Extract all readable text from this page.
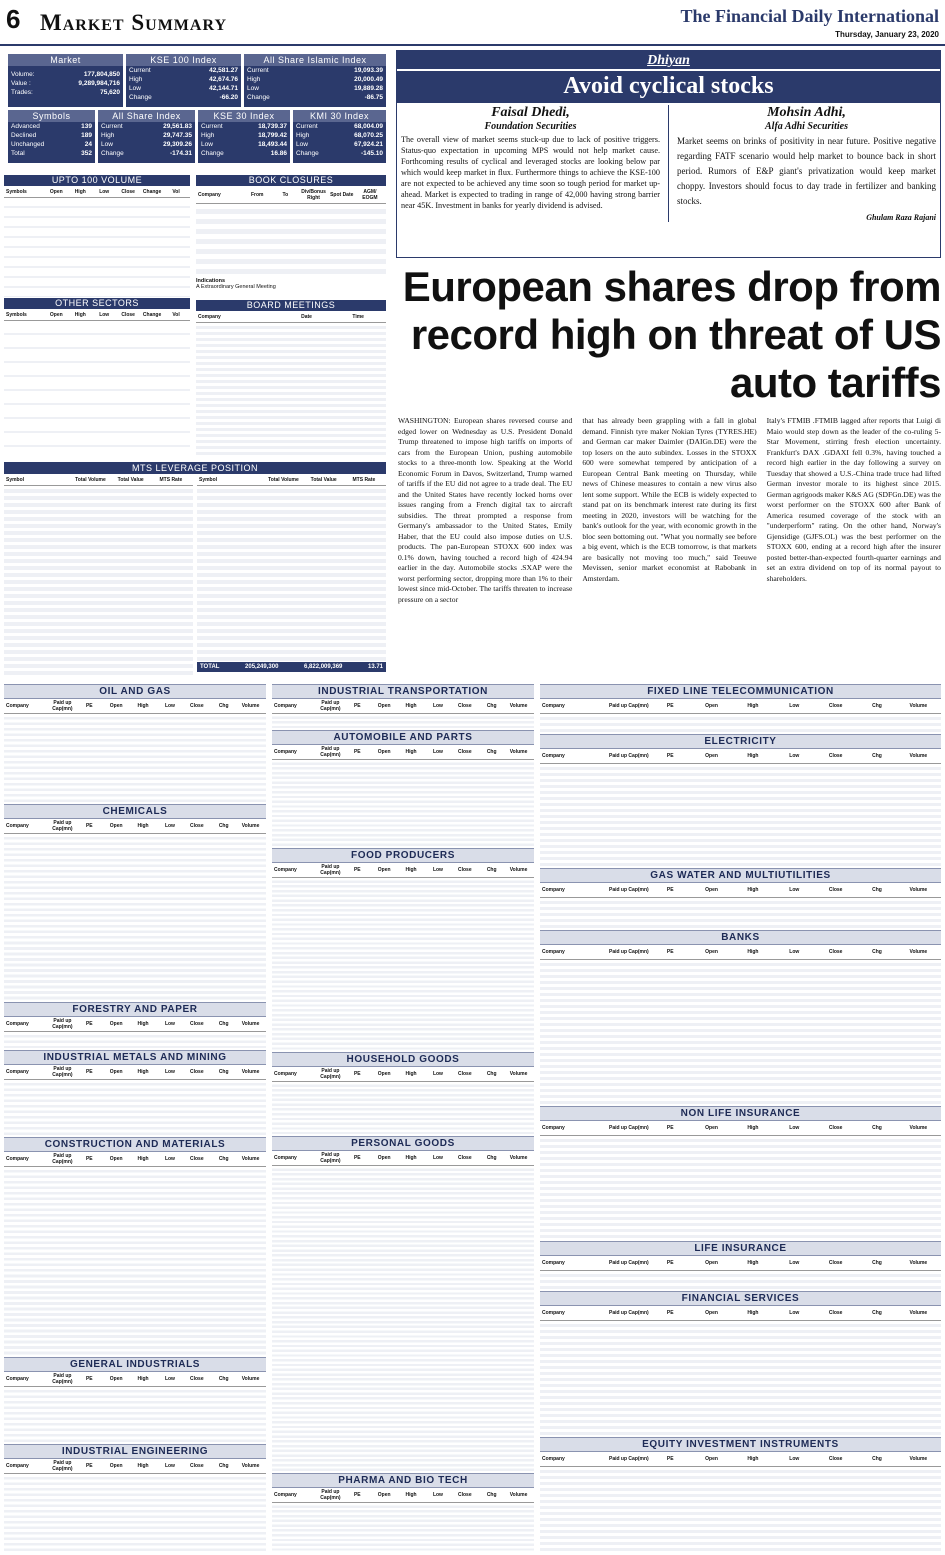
6 Market Summary	The Financial Daily International
Thursday, January 23, 2020
Market
Volume:	177,804,850
Value :	9,289,984,716
Trades:	75,620
KSE 100 Index
Current	42,581.27
High	42,674.76
Low	42,144.71
Change	-66.20
All Share Islamic Index
Current	19,093.39
High	20,000.49
Low	19,889.28
Change	-86.75
Symbols
Advanced	139
Declined	189
Unchanged	24
Total	352
All Share Index
Current	29,561.83
High	29,747.35
Low	29,309.26
Change	-174.31
KSE 30 Index
Current	18,739.37
High	18,799.42
Low	18,493.44
Change	16.86
KMI 30 Index
Current	68,004.09
High	68,070.25
Low	67,924.21
Change	-145.10
UPTO 100 VOLUME
Symbols	Open	High	Low	Close	Change	Vol
OTHER SECTORS
Symbols	Open	High	Low	Close	Change	Vol
BOOK CLOSURES
Company	From	To	Div/Bonus Right	Spot Date	AGM/ EOGM
Indications
A Extraordinary General Meeting
BOARD MEETINGS
Company	Date	Time
MTS LEVERAGE POSITION
Symbol	Total Volume	Total Value	MTS Rate	Symbol	Total Volume	Total Value	MTS Rate
TOTAL	205,249,300	6,822,009,369	13.71
Dhiyan
Avoid cyclical stocks
Faisal Dhedi,
Foundation Securities
The overall view of market seems stuck-up due to lack of positive triggers. Status-quo expectation in upcoming MPS would not help market cause. Forthcoming results of cyclical and leveraged stocks are looking below par which would keep market in flux. Furthermore things to achieve the KSE-100 are not expected to be achieved any time soon so tough period for market up-ahead. Market is expected to trading in range of 42,000 having strong barrier near 45K. Investment in banks for yearly dividend is advised.
Mohsin Adhi,
Alfa Adhi Securities
Market seems on brinks of positivity in near future. Positive negative regarding FATF scenario would help market to bounce back in short period. Rumors of E&P giant's privatization would keep market choppy. Investors should focus to day trade in fertilizer and banking stocks.
Ghulam Raza Rajani
European shares drop from record high on threat of US auto tariffs
WASHINGTON: European shares reversed course and edged lower on Wednesday as U.S. President Donald Trump threatened to impose high tariffs on imports of cars from the European Union, pushing automobile stocks to a three-month low. Speaking at the World Economic Forum in Davos, Switzerland, Trump warned of tariffs if the EU did not agree to a trade deal. The EU and the United States have recently locked horns over issues ranging from a French digital tax to aircraft subsidies. The threat prompted a response from Germany's ambassador to the United States, Emily Haber, that the EU could also impose duties on U.S. products. The pan-European STOXX 600 index was 0.1% down, having touched a record high of 424.94 earlier in the day. Automobile stocks .SXAP were the worst performing sector, dropping more than 1% to their lowest since mid-October. The tariffs threaten to increase pressure on a sector
that has already been grappling with a fall in global demand. Finnish tyre maker Nokian Tyres (TYRES.HE) and German car maker Daimler (DAIGn.DE) were the top losers on the auto subindex. Losses in the STOXX 600 were somewhat tempered by anticipation of a European Central Bank meeting on Thursday, while news of Chinese measures to contain a new virus also lent some support. While the ECB is widely expected to stand pat on its benchmark interest rate during its first meeting in 2020, investors will be watching for the bank's outlook for the year, with economic growth in the bloc seen bottoming out. "What you normally see before a big event, which is the ECB tomorrow, is that markets are basically not moving too much," said Teeuwe Mevissen, senior market economist at Rabobank in Amsterdam.
Italy's FTMIB .FTMIB lagged after reports that Luigi di Maio would step down as the leader of the co-ruling 5-Star Movement, stirring fresh election uncertainty. Frankfurt's DAX .GDAXI fell 0.3%, having touched a record high earlier in the day following a survey on Tuesday that showed a U.S.-China trade truce had lifted German investor morale to its highest since 2015. German agrigoods maker K&S AG (SDFGn.DE) was the worst performer on the STOXX 600 after Bank of America resumed coverage of the stock with an "underperform" rating. On the other hand, Norway's Gjensidige (GJFS.OL) was the best performer on the STOXX 600, ending at a record high after the insurer posted better-than-expected fourth-quarter earnings and set an extra dividend on top of its normal payout to shareholders.
OIL AND GAS
Company	Paid up Cap(mn)	PE	Open	High	Low	Close	Chg	Volume
CHEMICALS
Company	Paid up Cap(mn)	PE	Open	High	Low	Close	Chg	Volume
FORESTRY AND PAPER
Company	Paid up Cap(mn)	PE	Open	High	Low	Close	Chg	Volume
INDUSTRIAL METALS AND MINING
Company	Paid up Cap(mn)	PE	Open	High	Low	Close	Chg	Volume
CONSTRUCTION AND MATERIALS
Company	Paid up Cap(mn)	PE	Open	High	Low	Close	Chg	Volume
GENERAL INDUSTRIALS
Company	Paid up Cap(mn)	PE	Open	High	Low	Close	Chg	Volume
INDUSTRIAL ENGINEERING
Company	Paid up Cap(mn)	PE	Open	High	Low	Close	Chg	Volume
INDUSTRIAL TRANSPORTATION
Company	Paid up Cap(mn)	PE	Open	High	Low	Close	Chg	Volume
AUTOMOBILE AND PARTS
Company	Paid up Cap(mn)	PE	Open	High	Low	Close	Chg	Volume
FOOD PRODUCERS
Company	Paid up Cap(mn)	PE	Open	High	Low	Close	Chg	Volume
HOUSEHOLD GOODS
Company	Paid up Cap(mn)	PE	Open	High	Low	Close	Chg	Volume
PERSONAL GOODS
Company	Paid up Cap(mn)	PE	Open	High	Low	Close	Chg	Volume
PHARMA AND BIO TECH
Company	Paid up Cap(mn)	PE	Open	High	Low	Close	Chg	Volume
FIXED LINE TELECOMMUNICATION
Company	Paid up Cap(mn)	PE	Open	High	Low	Close	Chg	Volume
ELECTRICITY
Company	Paid up Cap(mn)	PE	Open	High	Low	Close	Chg	Volume
GAS WATER AND MULTIUTILITIES
Company	Paid up Cap(mn)	PE	Open	High	Low	Close	Chg	Volume
BANKS
Company	Paid up Cap(mn)	PE	Open	High	Low	Close	Chg	Volume
NON LIFE INSURANCE
Company	Paid up Cap(mn)	PE	Open	High	Low	Close	Chg	Volume
LIFE INSURANCE
Company	Paid up Cap(mn)	PE	Open	High	Low	Close	Chg	Volume
FINANCIAL SERVICES
Company	Paid up Cap(mn)	PE	Open	High	Low	Close	Chg	Volume
EQUITY INVESTMENT INSTRUMENTS
Company	Paid up Cap(mn)	PE	Open	High	Low	Close	Chg	Volume
